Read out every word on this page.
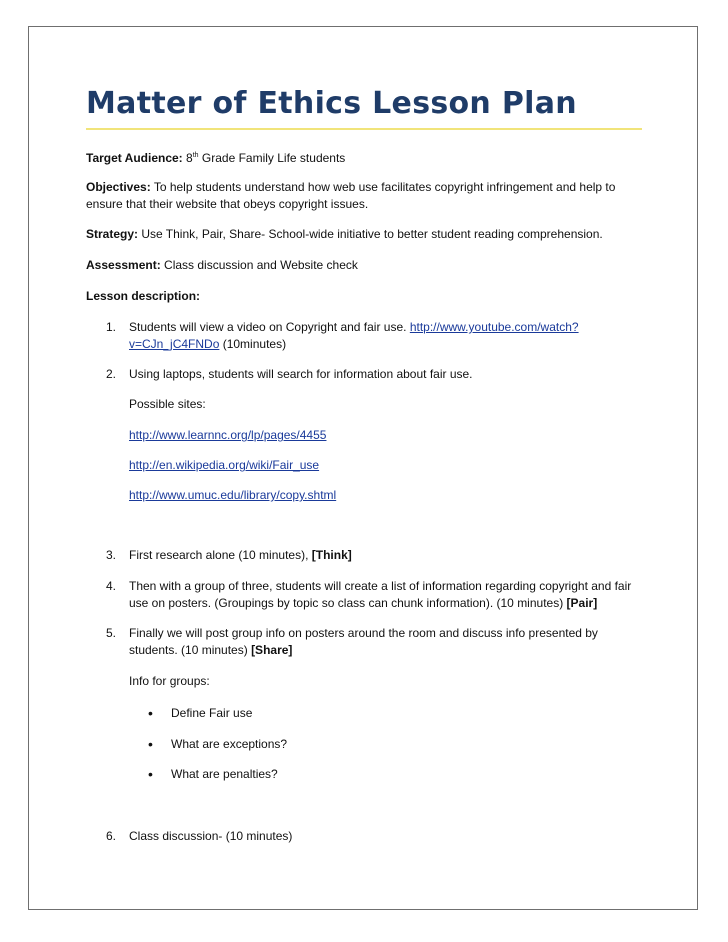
Matter of Ethics Lesson Plan
Target Audience: 8th Grade Family Life students
Objectives: To help students understand how web use facilitates copyright infringement and help to
ensure that their website that obeys copyright issues.
Strategy: Use Think, Pair, Share- School-wide initiative to better student reading comprehension.
Assessment: Class discussion and Website check
Lesson description:
1.	Students will view a video on Copyright and fair use. http://www.youtube.com/watch?
v=CJn_jC4FNDo (10minutes)
2.	Using laptops, students will search for information about fair use.
Possible sites:
http://www.learnnc.org/lp/pages/4455
http://en.wikipedia.org/wiki/Fair_use
http://www.umuc.edu/library/copy.shtml
3.	First research alone (10 minutes), [Think]
4.	Then with a group of three, students will create a list of information regarding copyright and fair
use on posters. (Groupings by topic so class can chunk information). (10 minutes) [Pair]
5.	Finally we will post group info on posters around the room and discuss info presented by
students. (10 minutes) [Share]
Info for groups:
• Define Fair use
• What are exceptions?
• What are penalties?
6.	Class discussion- (10 minutes)
